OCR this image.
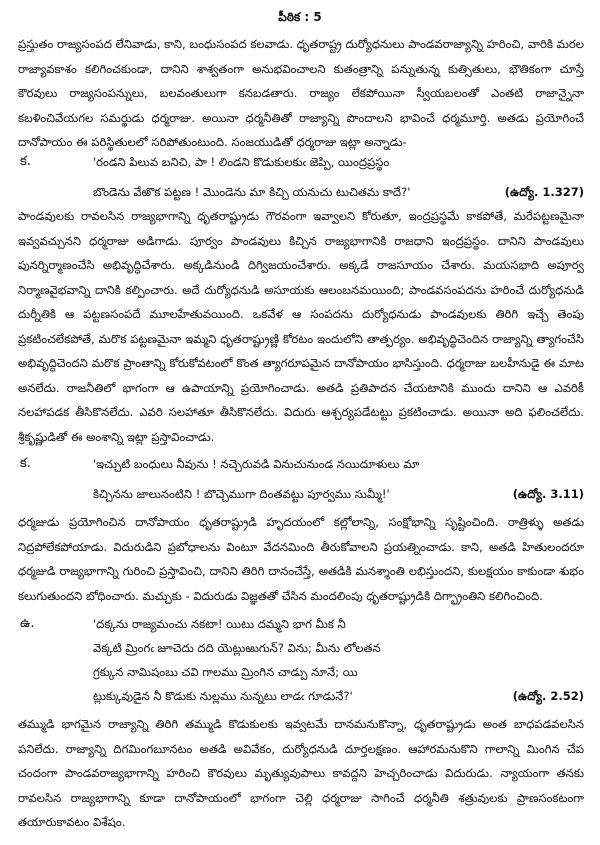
పీఠిక : 5

ప్రస్తుతం రాజ్యసంపద లేనివాడు, కాని, బంధుసంపద కలవాడు. ధృతరాష్ట్ర దుర్యోధనులు పాండవరాజ్యాన్ని హరించి, వారికి మరల రాజ్యావకాశం కలిగించకుండా, దానిని శాశ్వతంగా అనుభవించాలని కుతంత్రాన్ని పన్నుతున్న కుత్సితులు, భౌతికంగా చూస్తే కౌరవులు రాజ్యసంపన్నులు, బలవంతులుగా కనబడతారు. రాజ్యం లేకపోయినా స్వీయబలంతో ఎంతటి రాజాన్నైనా కబళించివేయగల సమర్థుడు ధర్మరాజు. అయినా ధర్మనీతితో రాజ్యాన్ని పొందాలని భావించే ధర్మమూర్తి. అతడు ప్రయోగించే దానోపాయం ఈ పరిస్థితులలో సరిపోతుంటుంది. సంజయుడితో ధర్మరాజు ఇట్లా అన్నాడు-

క.	'రండని పిలువ బనిచి, పా ! లిండని కొడుకులకుఁ జెప్పి, యింద్రప్రస్థం
బొండెను వేఱొక పట్టణ ! మొండెను మా కిచ్చి యనుచు టుచితమ కాదే?'	(ఉద్యో. 1.327)

పాండవులకు రావలసిన రాజ్యభాగాన్ని ధృతరాష్ట్రుడు గౌరవంగా ఇవ్వాలని కోరుతూ, ఇంద్రప్రస్థమే కాకపోతే, మరేపట్టణమైనా ఇవ్వవచ్చునని ధర్మరాజు అడిగాడు. పూర్వం పాండవులు కిచ్చిన రాజ్యభాగానికి రాజధాని ఇంద్రప్రస్థం. దానిని పాండవులు పునర్నిర్మాణంచేసి అభివృద్ధిచేశారు. అక్కడినుండి దిగ్విజయంచేశారు. అక్కడే రాజసూయం చేశారు. మయసభాది అపూర్వ నిర్మాణవైభవాన్ని దానికి కల్పించారు. అదే దుర్యోధనుడి అసూయకు ఆలంబనమయింది; పాండవసంపదను హరించే దుర్యోధనుడి దుర్నీతికి ఆ పట్టణసంపదే మూలహేతువయింది. ఒకవేళ ఆ సంపదను దుర్యోధనుడు పాండవులకు తిరిగి ఇచ్చే తెంపు ప్రకటించలేకపోతే, మరొక పట్టణమైనా ఇమ్మని ధృతరాష్ట్రుణ్ణి కోరటం ఇందులోని తాత్పర్యం. అభివృద్ధిచెందిన రాజ్యాన్ని త్యాగంచేసి అభివృద్ధిచెందని మరొక ప్రాంతాన్ని కోరుకోవటంలో కొంత త్యాగరూపమైన దానోపాయం భాసిస్తుంది. ధర్మరాజు బలహీనుడై ఈ మాట అనలేదు. రాజనీతిలో భాగంగా ఆ ఉపాయాన్ని ప్రయోగించాడు. అతడి ప్రతిపాదన చేయటానికి ముందు దానిని ఆ ఎవరికీ నలహాపడక తీసికొనలేదు. ఎవరి సలహాతూ తీసికొనలేదు. విదురు ఆశ్చర్యపడేటట్టు ప్రకటించాడు. అయినా అది ఫలించలేదు. శ్రీకృష్ణుడితో ఈ అంశాన్ని ఇట్లా ప్రస్తావించాడు.

క.	'ఇచ్చుటి బంధులు నీవును ! నచ్చెరువడి వినుచునుండ నయిదూళులు మా
కిచ్చినను జాలునంటిని ! బొచ్చెముగా దింతవట్టు పూర్వము సుమ్మీ!'	(ఉద్యో. 3.11)

ధర్మజుడు ప్రయోగించిన దానోపాయం ధృతరాష్ట్రుడి హృదయంలో కల్లోలాన్ని, సంక్షోభాన్ని సృష్టించింది. రాత్రిళ్ళు అతడు నిద్రపోలేకపోయాడు. విదురుడిని ప్రబోధాలను వింటూ వేదనమింది తీరుకోవాలని ప్రయత్నించాడు. కాని, అతడి హితులందరూ ధర్మజుడి రాజ్యభాగాన్ని గురించి ప్రస్తావించి, దానిని తిరిగి దానంచేస్తే, అతడికి మనశ్శాంతి లభిస్తుందని, కులక్షయం కాకుండా శుభం కలుగుతుందని బోధించారు. మచ్చుకు - విదురుడు విజ్ఞతతో చేసిన మందలింపు ధృతరాష్ట్రుడికి దిగ్భ్రాంతిని కలిగించింది.

తమ్ముడి భాగమైన రాజ్యాన్ని తిరిగి తమ్ముడి కొడుకులకు ఇవ్వటమే దానమనుకొన్నా, ధృతరాష్ట్రుడు అంత బాధపడవలసిన పనిలేదు. రాజ్యాన్ని దిగమింగబూనటం అతడి అవివేకం, దుర్యోధనుడి దూర్తలక్షణం. ఆహారమనుకొని గాలాన్ని మింగిన చేప చందంగా పాండవరాజ్యభాగాన్ని హరించి కౌరవులు మృత్యువుపాలు కావద్దని హెచ్చరించాడు విదురుడు. న్యాయంగా తనకు రావలసిన రాజ్యభాగాన్ని కూడా దానోపాయంలో భాగంగా చెల్లి ధర్మరాజు సాగించే ధర్మనీతి శత్రువులకు ప్రాణసంకటంగా తయారుకావటం విశేషం.

ఉ.	'దక్కను రాజ్యమంచు నకటా! యిటు దమ్మని భాగ మీక నీ
వెక్కటి మ్రింగఁ జూచెదు దది యెట్లుఱుగున్? విను; మీను లోలతన
గ్రక్కున నామిషంబు చవి గాలము మ్రింగిన చాడ్పు నూనే; యి
ట్లుక్కువుడైన నీ కొడుకు నుల్లము నున్నటు లాడఁ గూడునే?'	(ఉద్యో. 2.52)
